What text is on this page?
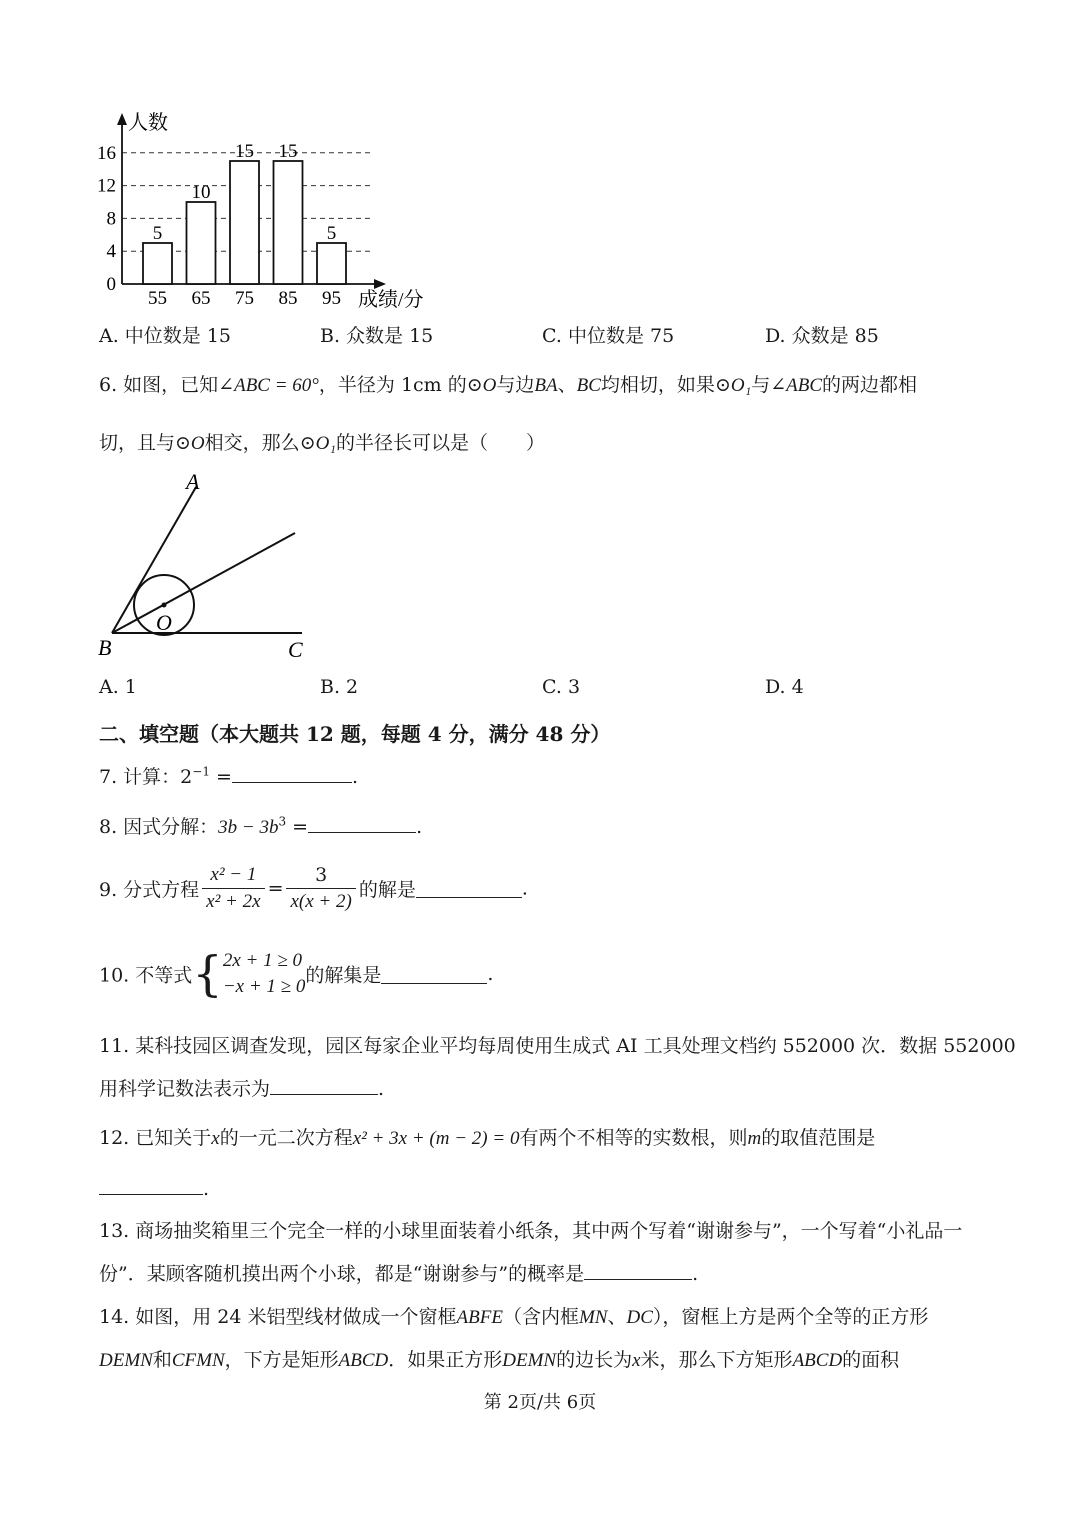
0
4
8
12
16
人数
成绩/分
5
55
10
65
15
75
15
85
5
95
A. 中位数是 15	B. 众数是 15	C. 中位数是 75	D. 众数是 85
6. 如图，已知∠ABC = 60°，半径为 1cm 的⊙O与边BA、BC均相切，如果⊙O₁与∠ABC的两边都相
切，且与⊙O相交，那么⊙O₁的半径长可以是（　　）
A
B	C
O
A. 1	B. 2	C. 3	D. 4
二、填空题（本大题共 12 题，每题 4 分，满分 48 分）
7. 计算：$2^{-1}$ =	.
8. 因式分解：$3b - 3b^3$ =	.
9. 分式方程 $\frac{\text{x² − 1}}{\text{x² + 2x}} = \frac{3}{x(x + 2)}$ 的解是	.
10. 不等式{ 2x + 1 ≥ 0
−x + 1 ≥ 0 的解集是	.
11. 某科技园区调查发现，园区每家企业平均每周使用生成式 AI 工具处理文档约 552000 次．数据 552000
用科学记数法表示为	.
12. 已知关于x的一元二次方程x² + 3x + (m − 2) = 0有两个不相等的实数根，则m的取值范围是
.
13. 商场抽奖箱里三个完全一样的小球里面装着小纸条，其中两个写着“谢谢参与”，一个写着“小礼品一
份”．某顾客随机摸出两个小球，都是“谢谢参与”的概率是	.
14. 如图，用 24 米铝型线材做成一个窗框ABFE（含内框MN、DC），窗框上方是两个全等的正方形
DEMN和CFMN，下方是矩形ABCD．如果正方形DEMN的边长为x米，那么下方矩形ABCD的面积
第 2页/共 6页
